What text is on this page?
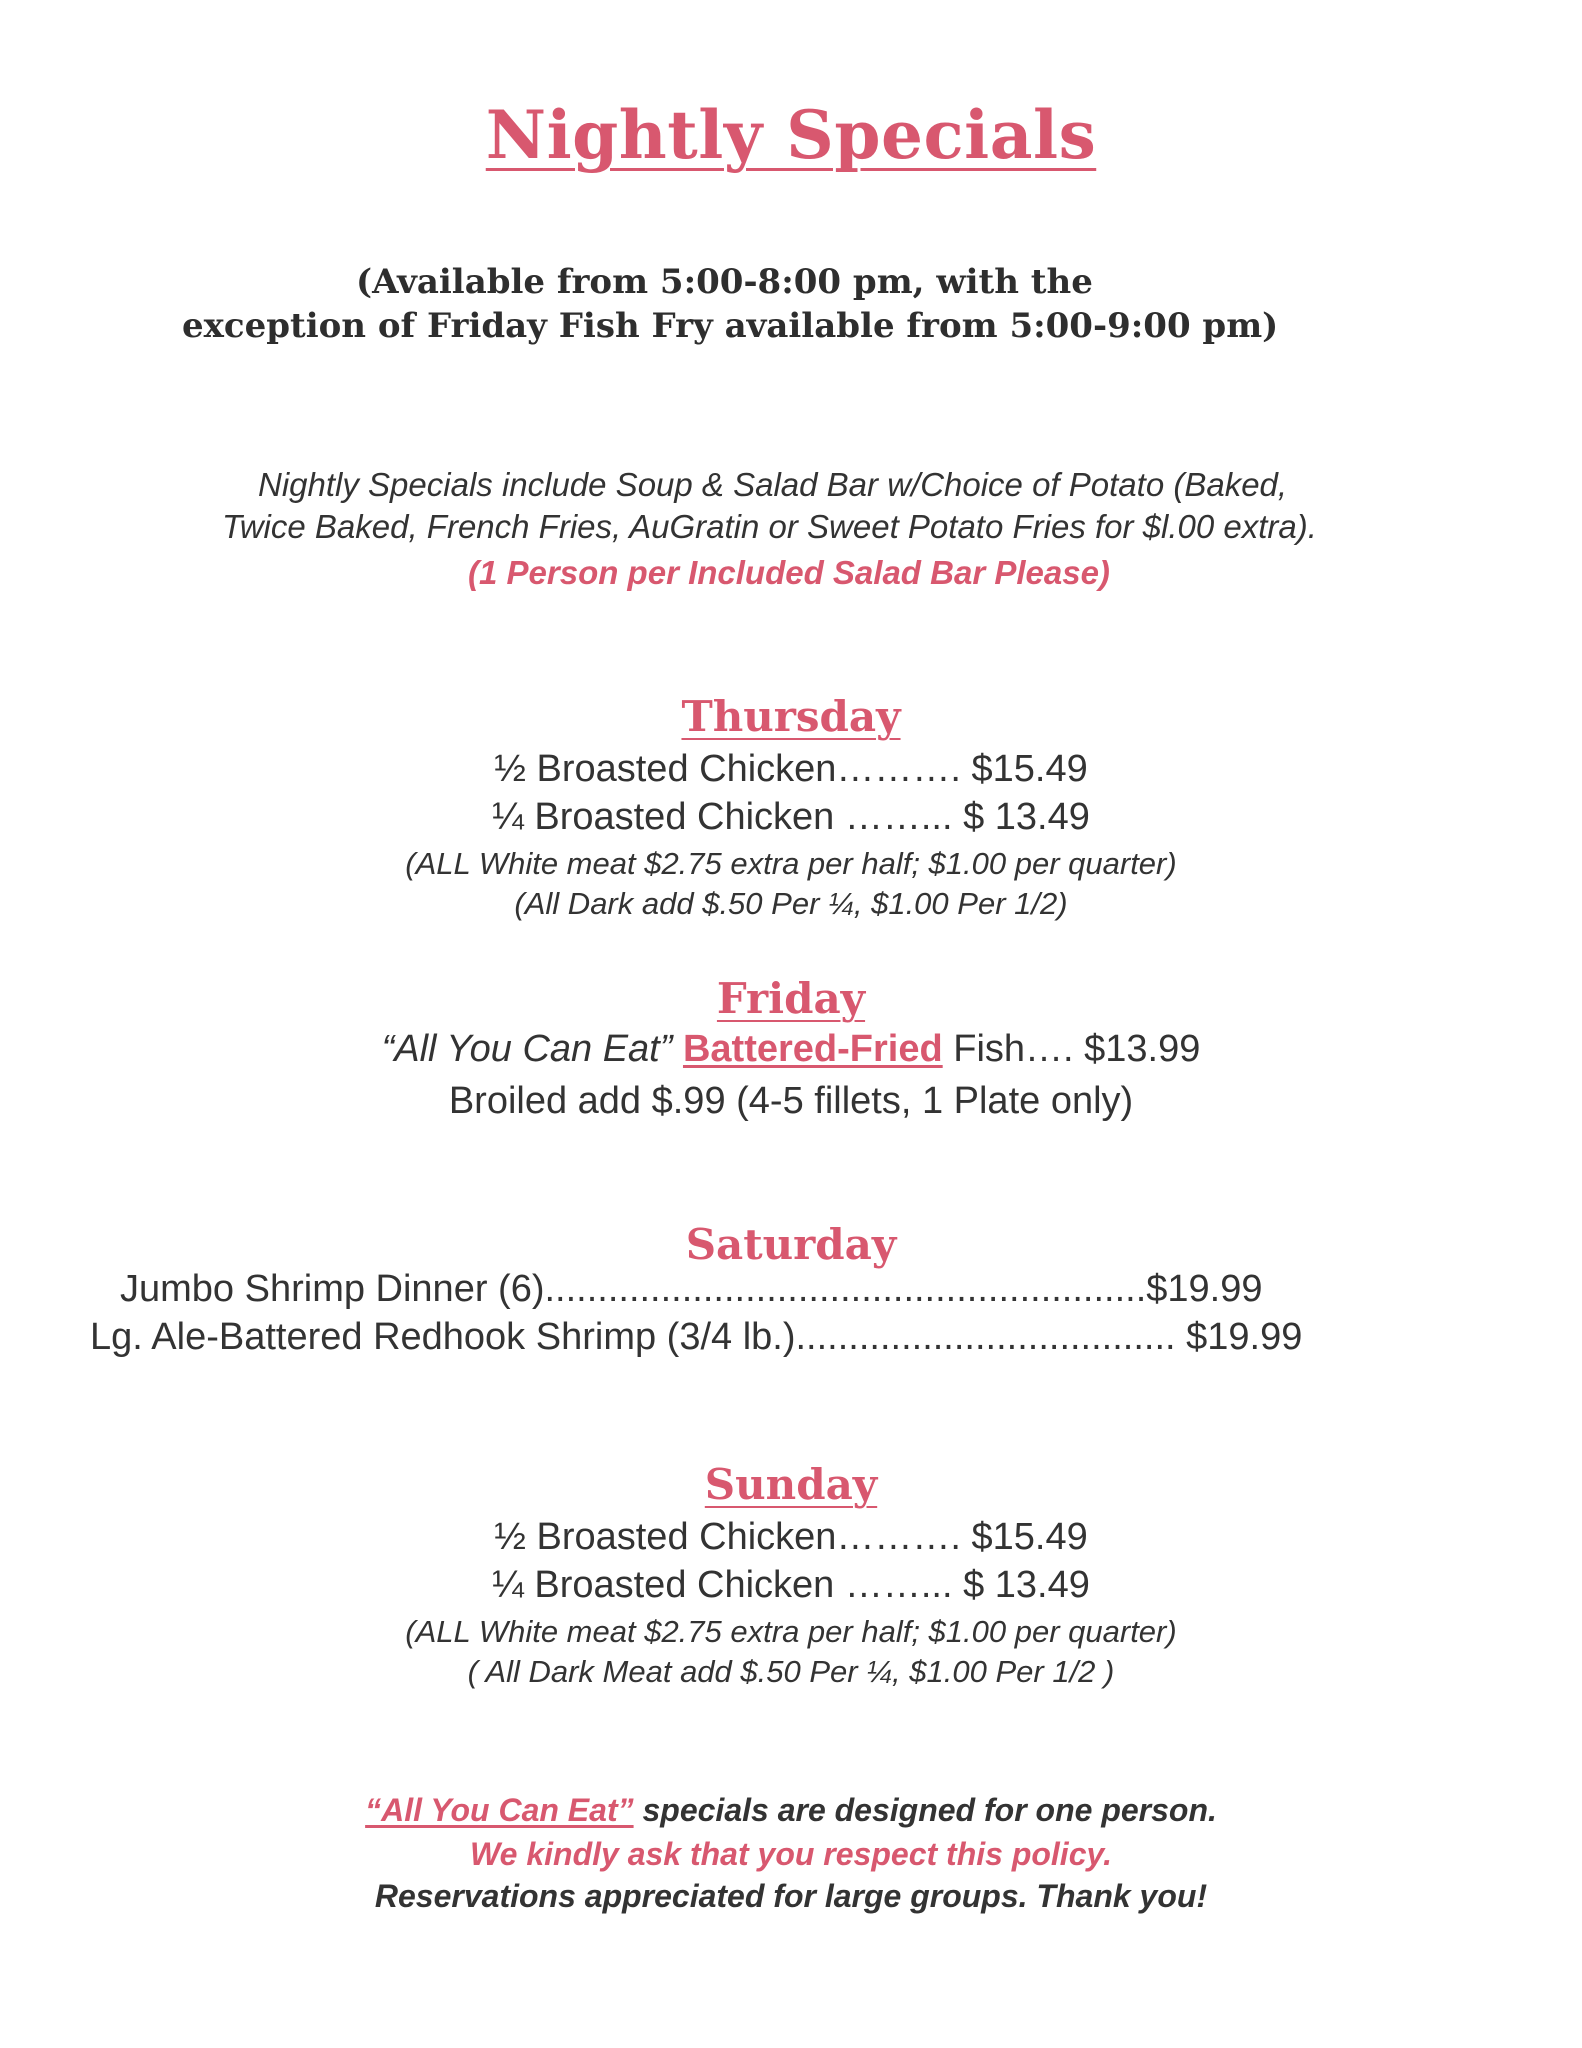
Nightly Specials
(Available from 5:00-8:00 pm, with the
exception of Friday Fish Fry available from 5:00-9:00 pm)
Nightly Specials include Soup & Salad Bar w/Choice of Potato (Baked,
Twice Baked, French Fries, AuGratin or Sweet Potato Fries for $l.00 extra).
(1 Person per Included Salad Bar Please)
Thursday
½ Broasted Chicken………. $15.49
¼ Broasted Chicken ……... $ 13.49
(ALL White meat $2.75 extra per half; $1.00 per quarter)
(All Dark add $.50 Per ¼, $1.00 Per 1/2)
Friday
“All You Can Eat” Battered-Fried Fish…. $13.99
Broiled add $.99 (4-5 fillets, 1 Plate only)
Saturday
Jumbo Shrimp Dinner (6).........................................................$19.99
Lg. Ale-Battered Redhook Shrimp (3/4 lb.).................................... $19.99
Sunday
½ Broasted Chicken………. $15.49
¼ Broasted Chicken ……... $ 13.49
(ALL White meat $2.75 extra per half; $1.00 per quarter)
( All Dark Meat add $.50 Per ¼, $1.00 Per 1/2 )
“All You Can Eat” specials are designed for one person.
We kindly ask that you respect this policy.
Reservations appreciated for large groups. Thank you!
